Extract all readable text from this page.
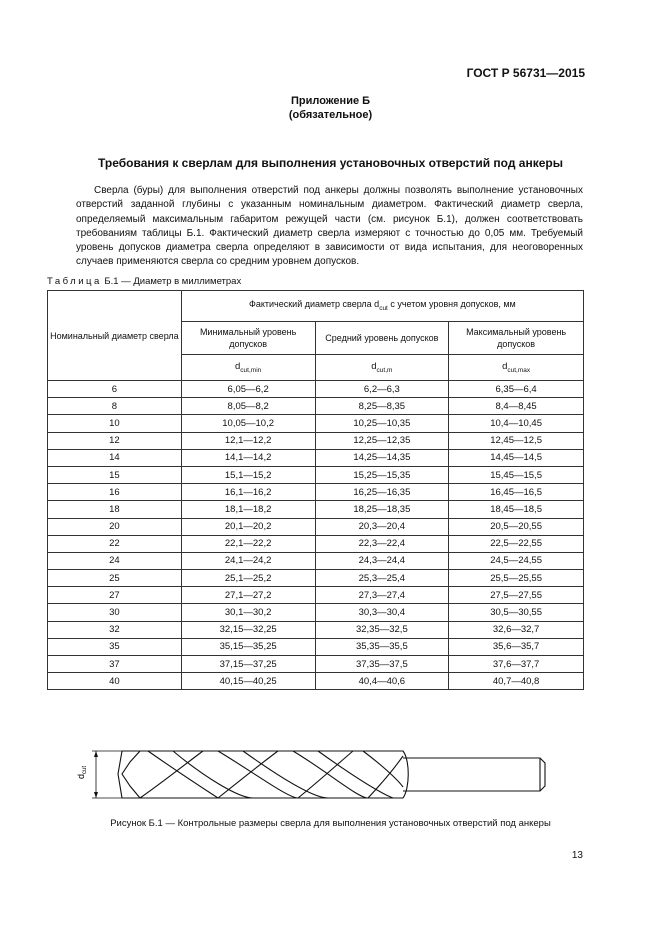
ГОСТ Р 56731—2015
Приложение Б
(обязательное)
Требования к сверлам для выполнения установочных отверстий под анкеры
Сверла (буры) для выполнения отверстий под анкеры должны позволять выполнение установочных отверстий заданной глубины с указанным номинальным диаметром. Фактический диаметр сверла, определяемый максимальным габаритом режущей части (см. рисунок Б.1), должен соответствовать требованиям таблицы Б.1. Фактический диаметр сверла измеряют с точностью до 0,05 мм. Требуемый уровень допусков диаметра сверла определяют в зависимости от вида испытания, для неоговоренных случаев применяются сверла со средним уровнем допусков.
Таблица Б.1 — Диаметр в миллиметрах
Номинальный диаметр сверла	Фактический диаметр сверла $d_{cut}$ с учетом уровня допусков, мм		
	Минимальный уровень допусков	Средний уровень допусков	Максимальный уровень допусков
	$d_{cut,min}$	$d_{cut,m}$	$d_{cut,max}$
6	6,05—6,2	6,2—6,3	6,35—6,4
8	8,05—8,2	8,25—8,35	8,4—8,45
10	10,05—10,2	10,25—10,35	10,4—10,45
12	12,1—12,2	12,25—12,35	12,45—12,5
14	14,1—14,2	14,25—14,35	14,45—14,5
15	15,1—15,2	15,25—15,35	15,45—15,5
16	16,1—16,2	16,25—16,35	16,45—16,5
18	18,1—18,2	18,25—18,35	18,45—18,5
20	20,1—20,2	20,3—20,4	20,5—20,55
22	22,1—22,2	22,3—22,4	22,5—22,55
24	24,1—24,2	24,3—24,4	24,5—24,55
25	25,1—25,2	25,3—25,4	25,5—25,55
27	27,1—27,2	27,3—27,4	27,5—27,55
30	30,1—30,2	30,3—30,4	30,5—30,55
32	32,15—32,25	32,35—32,5	32,6—32,7
35	35,15—35,25	35,35—35,5	35,6—35,7
37	37,15—37,25	37,35—37,5	37,6—37,7
40	40,15—40,25	40,4—40,6	40,7—40,8
$d_{cut}$
Рисунок Б.1 — Контрольные размеры сверла для выполнения установочных отверстий под анкеры
13
